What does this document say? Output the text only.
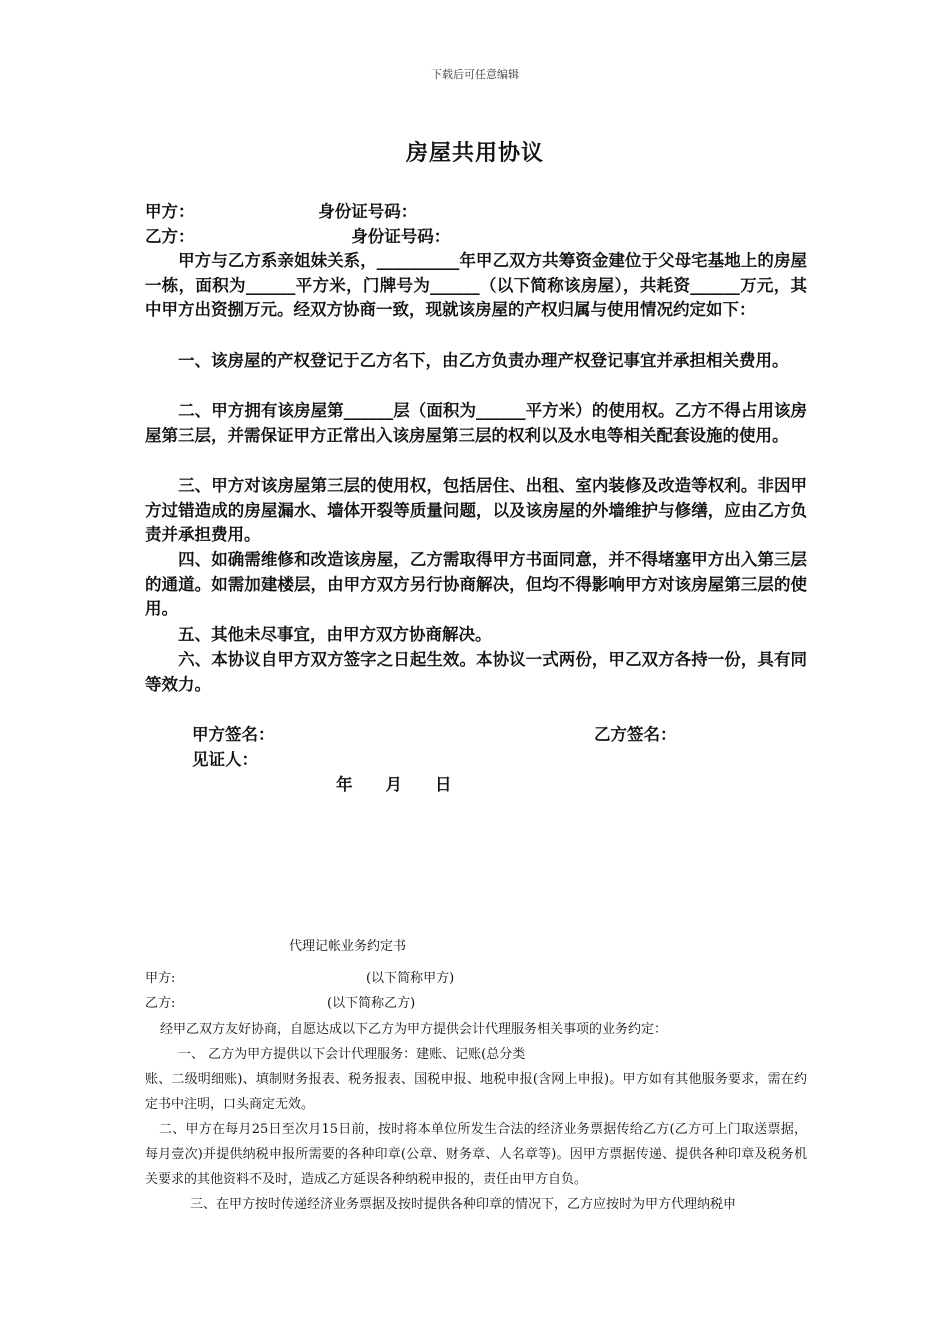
下载后可任意编辑
房屋共用协议
甲方：　　　　　　　　身份证号码：
乙方：　　　　　　　　　　身份证号码：
　　甲方与乙方系亲姐妹关系，__________年甲乙双方共筹资金建位于父母宅基地上的房屋一栋，面积为______平方米，门牌号为______（以下简称该房屋），共耗资______万元，其中甲方出资捌万元。经双方协商一致，现就该房屋的产权归属与使用情况约定如下：
　　一、该房屋的产权登记于乙方名下，由乙方负责办理产权登记事宜并承担相关费用。
　　二、甲方拥有该房屋第______层（面积为______平方米）的使用权。乙方不得占用该房屋第三层，并需保证甲方正常出入该房屋第三层的权利以及水电等相关配套设施的使用。
　　三、甲方对该房屋第三层的使用权，包括居住、出租、室内装修及改造等权利。非因甲方过错造成的房屋漏水、墙体开裂等质量问题，以及该房屋的外墙维护与修缮，应由乙方负责并承担费用。
　　四、如确需维修和改造该房屋，乙方需取得甲方书面同意，并不得堵塞甲方出入第三层的通道。如需加建楼层，由甲方双方另行协商解决，但均不得影响甲方对该房屋第三层的使用。
　　五、其他未尽事宜，由甲方双方协商解决。
　　六、本协议自甲方双方签字之日起生效。本协议一式两份，甲乙双方各持一份，具有同等效力。
甲方签名：	乙方签名：
见证人：
年　　月　　日
代理记帐业务约定书
甲方:	(以下简称甲方)
乙方:	(以下简称乙方)
经甲乙双方友好协商，自愿达成以下乙方为甲方提供会计代理服务相关事项的业务约定：
一、 乙方为甲方提供以下会计代理服务：建账、记账(总分类
账、二级明细账)、填制财务报表、税务报表、国税申报、地税申报(含网上申报)。甲方如有其他服务要求，需在约定书中注明，口头商定无效。
二、甲方在每月25日至次月15日前，按时将本单位所发生合法的经济业务票据传给乙方(乙方可上门取送票据，每月壹次)并提供纳税申报所需要的各种印章(公章、财务章、人名章等)。因甲方票据传递、提供各种印章及税务机关要求的其他资料不及时，造成乙方延误各种纳税申报的，责任由甲方自负。
三、在甲方按时传递经济业务票据及按时提供各种印章的情况下，乙方应按时为甲方代理纳税申
